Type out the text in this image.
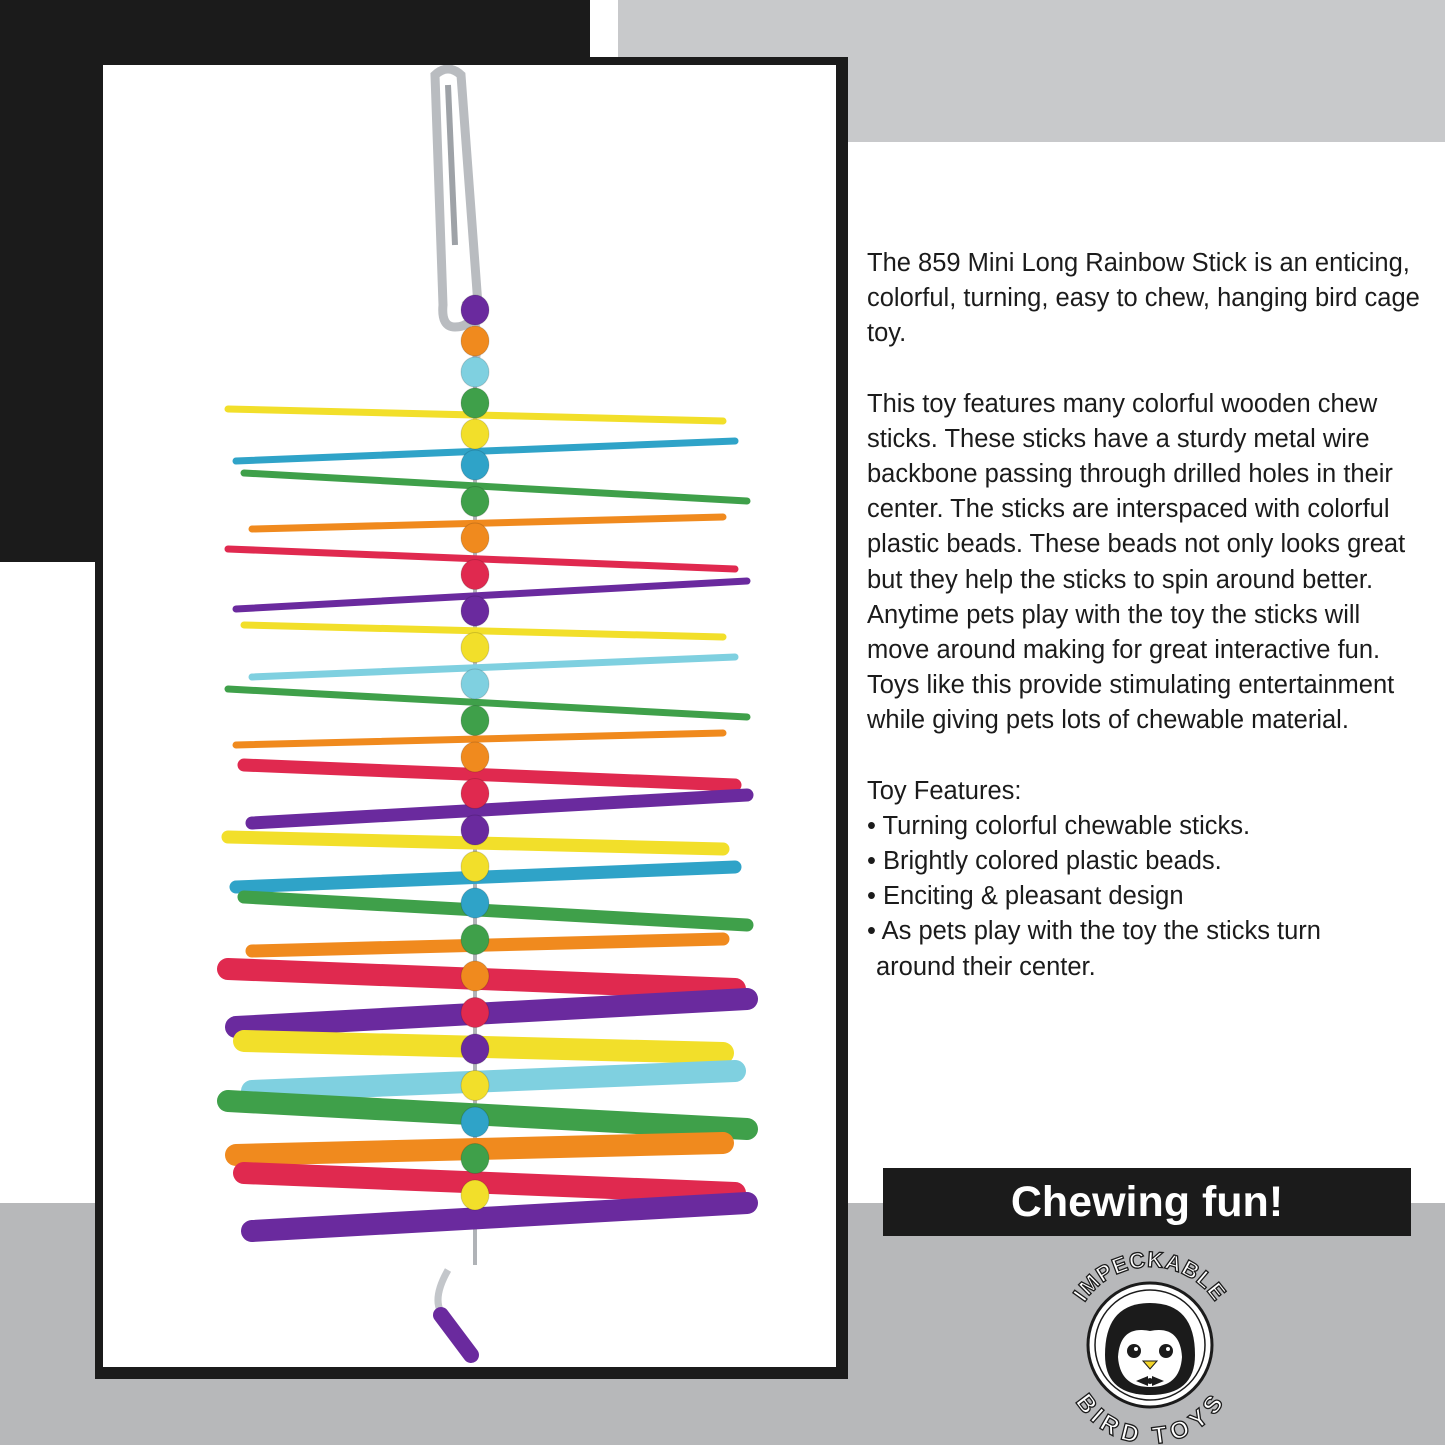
The 859 Mini Long Rainbow Stick is an enticing, colorful, turning, easy to chew, hanging bird cage toy.

This toy features many colorful wooden chew sticks. These sticks have a sturdy metal wire backbone passing through drilled holes in their center. The sticks are interspaced with colorful plastic beads. These beads not only looks great but they help the sticks to spin around better. Anytime pets play with the toy the sticks will move around making for great interactive fun. Toys like this provide stimulating entertainment while giving pets lots of chewable material.

Toy Features:
• Turning colorful chewable sticks.
• Brightly colored plastic beads.
• Enciting & pleasant design
• As pets play with the toy the sticks turn
around their center.
Chewing fun!
IMPECKABLE
BIRD TOYS
